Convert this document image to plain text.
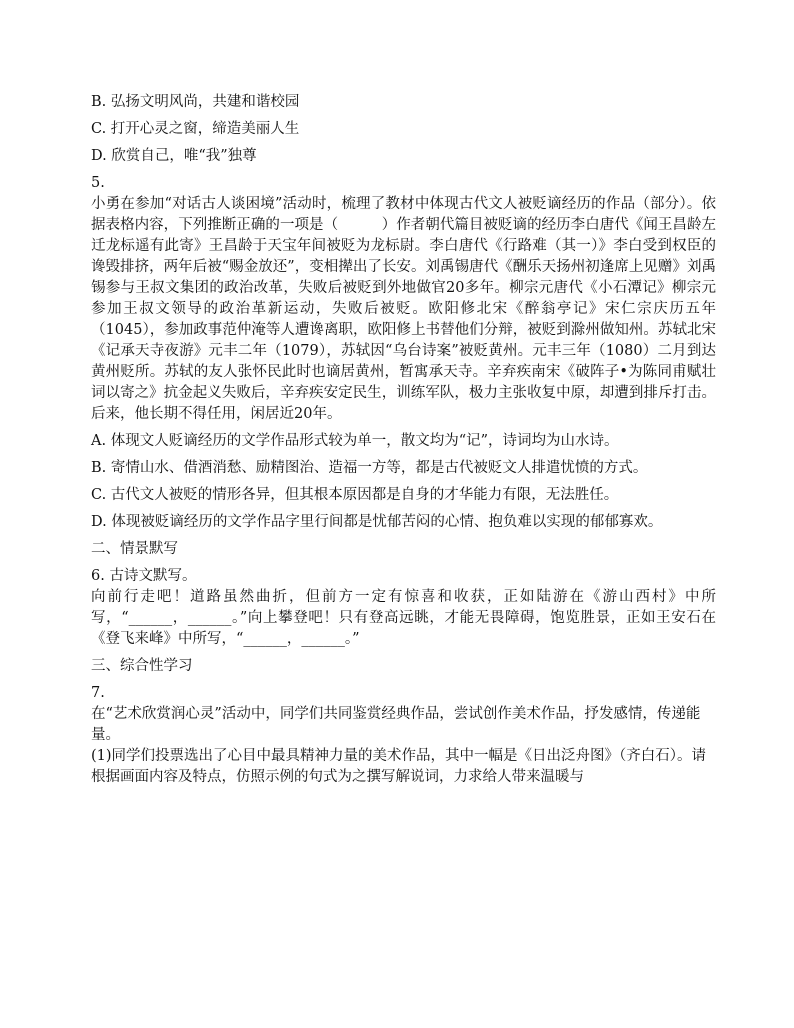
B. 弘扬文明风尚，共建和谐校园

C. 打开心灵之窗，缔造美丽人生

D. 欣赏自己，唯“我”独尊

5.

小勇在参加“对话古人谈困境”活动时，梳理了教材中体现古代文人被贬谪经历的作品（部分）。依据表格内容，下列推断正确的一项是（　　　）作者朝代篇目被贬谪的经历李白唐代《闻王昌龄左迁龙标遥有此寄》王昌龄于天宝年间被贬为龙标尉。李白唐代《行路难（其一）》李白受到权臣的谗毁排挤，两年后被“赐金放还”，变相撵出了长安。刘禹锡唐代《酬乐天扬州初逢席上见赠》刘禹锡参与王叔文集团的政治改革，失败后被贬到外地做官20多年。柳宗元唐代《小石潭记》柳宗元参加王叔文领导的政治革新运动，失败后被贬。欧阳修北宋《醉翁亭记》宋仁宗庆历五年（1045），参加政事范仲淹等人遭谗离职，欧阳修上书替他们分辩，被贬到滁州做知州。苏轼北宋《记承天寺夜游》元丰二年（1079），苏轼因“乌台诗案”被贬黄州。元丰三年（1080）二月到达黄州贬所。苏轼的友人张怀民此时也谪居黄州，暂寓承天寺。辛弃疾南宋《破阵子•为陈同甫赋壮词以寄之》抗金起义失败后，辛弃疾安定民生，训练军队，极力主张收复中原，却遭到排斥打击。后来，他长期不得任用，闲居近20年。

A. 体现文人贬谪经历的文学作品形式较为单一，散文均为“记”，诗词均为山水诗。

B. 寄情山水、借酒消愁、励精图治、造福一方等，都是古代被贬文人排遣忧愤的方式。

C. 古代文人被贬的情形各异，但其根本原因都是自身的才华能力有限，无法胜任。

D. 体现被贬谪经历的文学作品字里行间都是忧郁苦闷的心情、抱负难以实现的郁郁寡欢。

二、情景默写

6. 古诗文默写。

向前行走吧！道路虽然曲折，但前方一定有惊喜和收获，正如陆游在《游山西村》中所写，“______，______。”向上攀登吧！只有登高远眺，才能无畏障碍，饱览胜景，正如王安石在《登飞来峰》中所写，“______，______。”

三、综合性学习

7.

在“艺术欣赏润心灵”活动中，同学们共同鉴赏经典作品，尝试创作美术作品，抒发感情，传递能量。

(1)同学们投票选出了心目中最具精神力量的美术作品，其中一幅是《日出泛舟图》（齐白石）。请根据画面内容及特点，仿照示例的句式为之撰写解说词，力求给人带来温暖与
